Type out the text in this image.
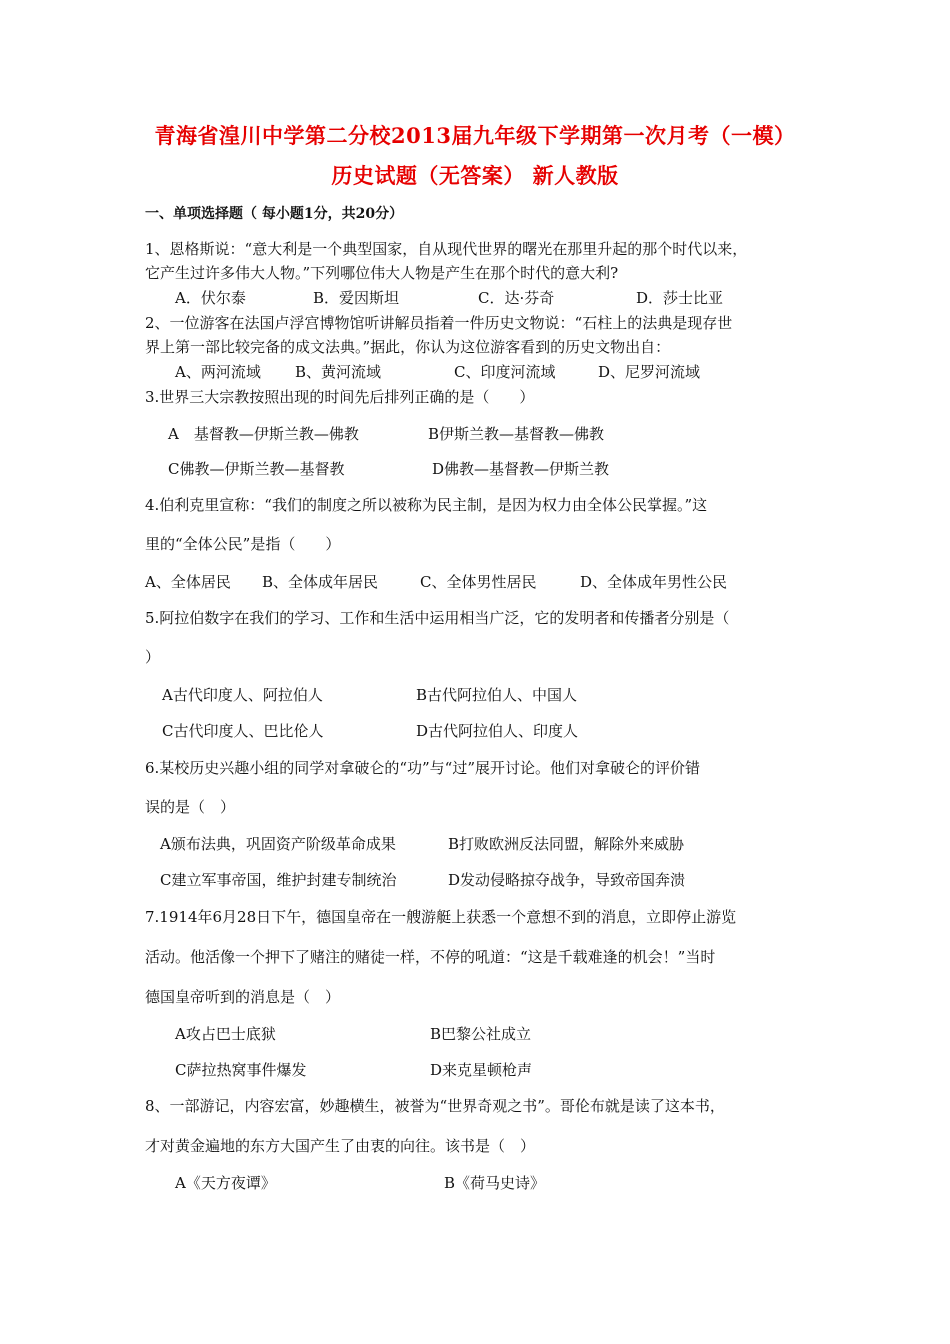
青海省湟川中学第二分校2013届九年级下学期第一次月考（一模）
历史试题（无答案） 新人教版
一、单项选择题（ 每小题1分，共20分）
1、恩格斯说：“意大利是一个典型国家，自从现代世界的曙光在那里升起的那个时代以来，
它产生过许多伟大人物。”下列哪位伟大人物是产生在那个时代的意大利?
A．伏尔泰	B．爱因斯坦	C．达·芬奇	D．莎士比亚
2、一位游客在法国卢浮宫博物馆听讲解员指着一件历史文物说：“石柱上的法典是现存世
界上第一部比较完备的成文法典。”据此，你认为这位游客看到的历史文物出自：
A、两河流域 B、黄河流域	C、印度河流域	D、尼罗河流域
3.世界三大宗教按照出现的时间先后排列正确的是（　　）
A　基督教—伊斯兰教—佛教	B伊斯兰教—基督教—佛教
C佛教—伊斯兰教—基督教	D佛教—基督教—伊斯兰教
4.伯利克里宣称：“我们的制度之所以被称为民主制，是因为权力由全体公民掌握。”这
里的“全体公民”是指（　　）
A、全体居民 B、全体成年居民	C、全体男性居民	D、全体成年男性公民
5.阿拉伯数字在我们的学习、工作和生活中运用相当广泛，它的发明者和传播者分别是（
）
A古代印度人、阿拉伯人	B古代阿拉伯人、中国人
C古代印度人、巴比伦人	D古代阿拉伯人、印度人
6.某校历史兴趣小组的同学对拿破仑的“功”与“过”展开讨论。他们对拿破仑的评价错
误的是（　）
A颁布法典，巩固资产阶级革命成果	B打败欧洲反法同盟，解除外来威胁
C建立军事帝国，维护封建专制统治	D发动侵略掠夺战争，导致帝国奔溃
7.1914年6月28日下午，德国皇帝在一艘游艇上获悉一个意想不到的消息，立即停止游览
活动。他活像一个押下了赌注的赌徒一样，不停的吼道：“这是千载难逢的机会！”当时
德国皇帝听到的消息是（　）
A攻占巴士底狱	B巴黎公社成立
C萨拉热窝事件爆发	D来克星顿枪声
8、一部游记，内容宏富，妙趣横生，被誉为“世界奇观之书”。哥伦布就是读了这本书，
才对黄金遍地的东方大国产生了由衷的向往。该书是（　）
A《天方夜谭》	B《荷马史诗》
